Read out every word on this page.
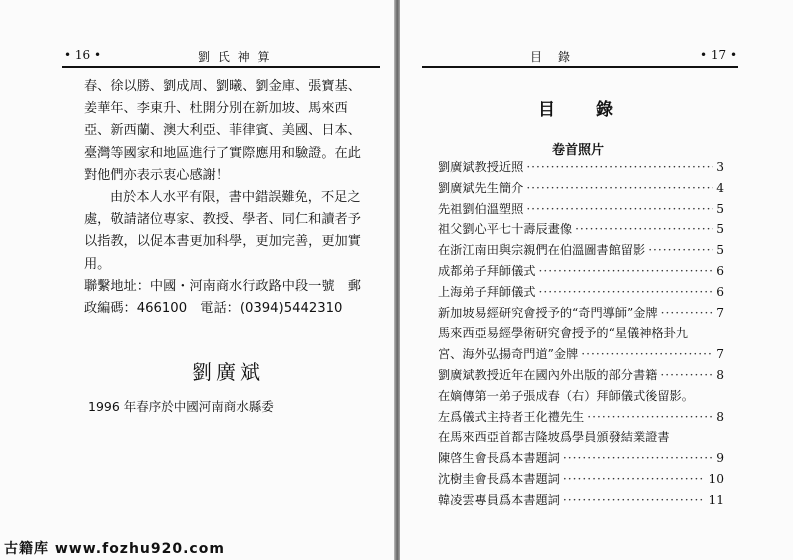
• 16 •	劉 氏 神 算

春、徐以勝、劉成周、劉曦、劉金庫、張寶基、姜華年、李東升、杜開分別在新加坡、馬來西亞、新西蘭、澳大利亞、菲律賓、美國、日本、臺灣等國家和地區進行了實際應用和驗證。在此對他們亦表示衷心感謝！

由於本人水平有限，書中錯誤難免，不足之處，敬請諸位專家、教授、學者、同仁和讀者予以指教，以促本書更加科學，更加完善，更加實用。

聯繫地址：中國・河南商水行政路中段一號　郵政編碼：466100　電話：(0394)5442310

劉廣斌
1996 年春序於中國河南商水縣委
目　錄	• 17 •
目 錄
卷首照片
劉廣斌教授近照 ·····	3
劉廣斌先生簡介 ·····	4
先祖劉伯溫塑照 ·····	5
祖父劉心平七十壽辰畫像 ·····	5
在浙江南田與宗親們在伯溫圖書館留影 ·····	5
成都弟子拜師儀式 ·····	6
上海弟子拜師儀式 ·····	6
新加坡易經研究會授予的“奇門導師”金牌 ·····	7
馬來西亞易經學術研究會授予的“星儀神格卦九
宮、海外弘揚奇門道”金牌 ·····	7
劉廣斌教授近年在國內外出版的部分書籍 ·····	8
在嫡傳第一弟子張成春（右）拜師儀式後留影。
左爲儀式主持者王化禮先生 ·····	8
在馬來西亞首都吉隆坡爲學員頒發結業證書
陳啓生會長爲本書題詞 ·····	9
沈樹圭會長爲本書題詞 ·····	10
韓凌雲專員爲本書題詞 ·····	11
古籍库 www.fozhu920.com
